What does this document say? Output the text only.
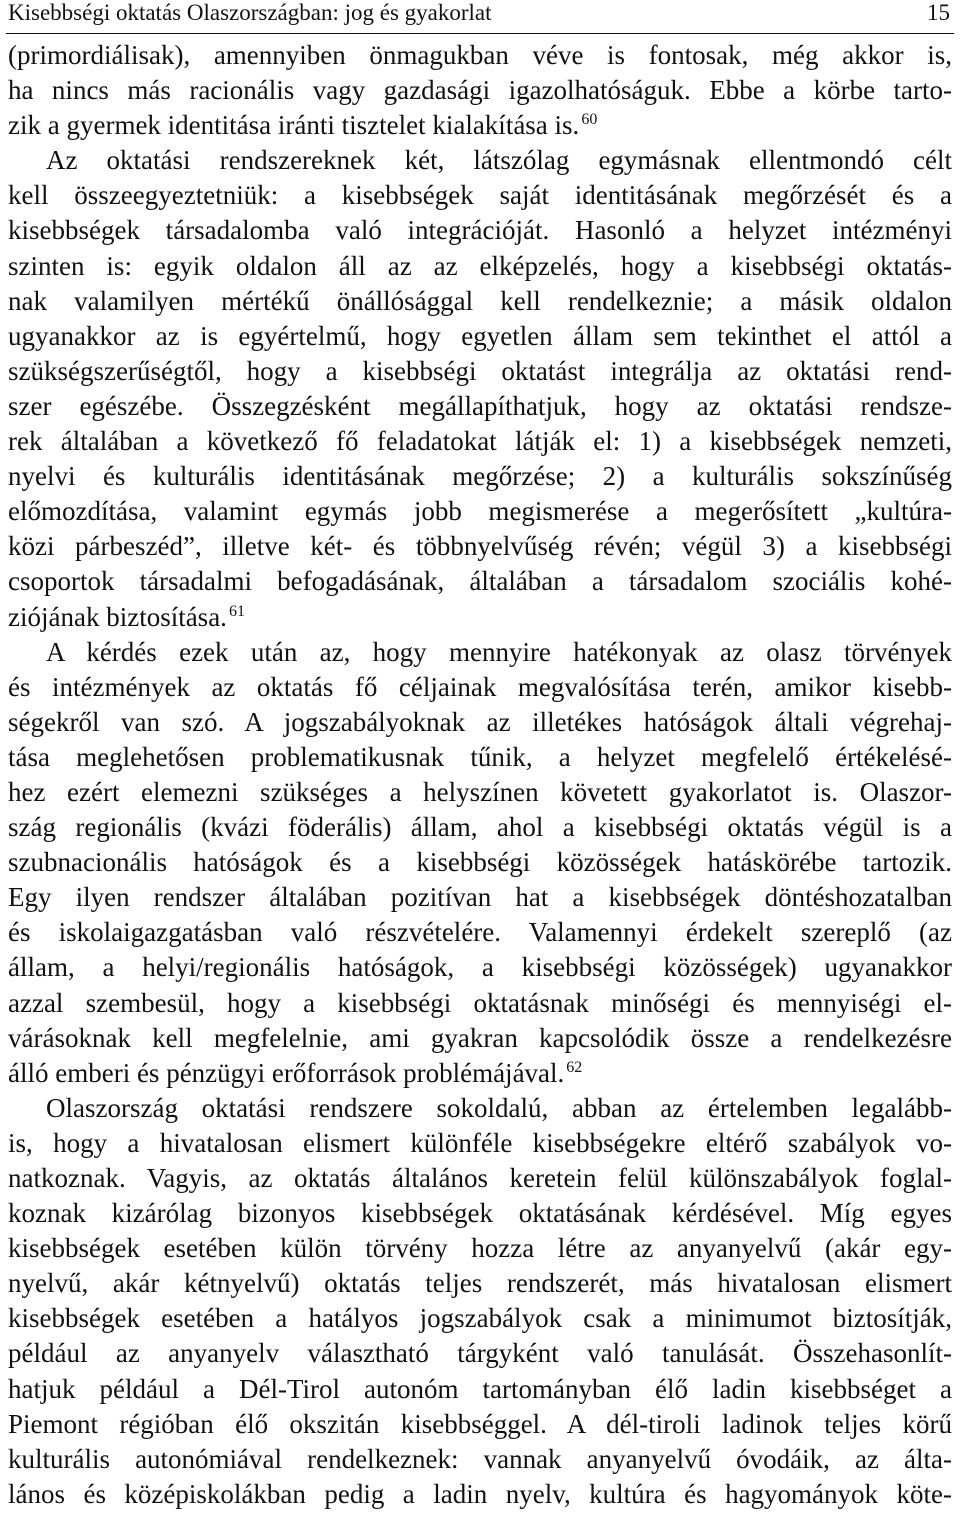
Kisebbségi oktatás Olaszországban: jog és gyakorlat	15
(primordiálisak), amennyiben önmagukban véve is fontosak, még akkor is,
ha nincs más racionális vagy gazdasági igazolhatóságuk. Ebbe a körbe tarto-
zik a gyermek identitása iránti tisztelet kialakítása is. $^{60}$
Az oktatási rendszereknek két, látszólag egymásnak ellentmondó célt
kell összeegyeztetniük: a kisebbségek saját identitásának megőrzését és a
kisebbségek társadalomba való integrációját. Hasonló a helyzet intézményi
szinten is: egyik oldalon áll az az elképzelés, hogy a kisebbségi oktatás-
nak valamilyen mértékű önállósággal kell rendelkeznie; a másik oldalon
ugyanakkor az is egyértelmű, hogy egyetlen állam sem tekinthet el attól a
szükségszerűségtől, hogy a kisebbségi oktatást integrálja az oktatási rend-
szer egészébe. Összegzésként megállapíthatjuk, hogy az oktatási rendsze-
rek általában a következő fő feladatokat látják el: 1) a kisebbségek nemzeti,
nyelvi és kulturális identitásának megőrzése; 2) a kulturális sokszínűség
előmozdítása, valamint egymás jobb megismerése a megerősített „kultúra-
közi párbeszéd”, illetve két- és többnyelvűség révén; végül 3) a kisebbségi
csoportok társadalmi befogadásának, általában a társadalom szociális kohé-
ziójának biztosítása. $^{61}$
A kérdés ezek után az, hogy mennyire hatékonyak az olasz törvények
és intézmények az oktatás fő céljainak megvalósítása terén, amikor kisebb-
ségekről van szó. A jogszabályoknak az illetékes hatóságok általi végrehaj-
tása meglehetősen problematikusnak tűnik, a helyzet megfelelő értékelésé-
hez ezért elemezni szükséges a helyszínen követett gyakorlatot is. Olaszor-
szág regionális (kvázi föderális) állam, ahol a kisebbségi oktatás végül is a
szubnacionális hatóságok és a kisebbségi közösségek hatáskörébe tartozik.
Egy ilyen rendszer általában pozitívan hat a kisebbségek döntéshozatalban
és iskolaigazgatásban való részvételére. Valamennyi érdekelt szereplő (az
állam, a helyi/regionális hatóságok, a kisebbségi közösségek) ugyanakkor
azzal szembesül, hogy a kisebbségi oktatásnak minőségi és mennyiségi el-
várásoknak kell megfelelnie, ami gyakran kapcsolódik össze a rendelkezésre
álló emberi és pénzügyi erőforrások problémájával. $^{62}$
Olaszország oktatási rendszere sokoldalú, abban az értelemben legalább-
is, hogy a hivatalosan elismert különféle kisebbségekre eltérő szabályok vo-
natkoznak. Vagyis, az oktatás általános keretein felül különszabályok foglal-
koznak kizárólag bizonyos kisebbségek oktatásának kérdésével. Míg egyes
kisebbségek esetében külön törvény hozza létre az anyanyelvű (akár egy-
nyelvű, akár kétnyelvű) oktatás teljes rendszerét, más hivatalosan elismert
kisebbségek esetében a hatályos jogszabályok csak a minimumot biztosítják,
például az anyanyelv választható tárgyként való tanulását. Összehasonlít-
hatjuk például a Dél-Tirol autonóm tartományban élő ladin kisebbséget a
Piemont régióban élő okszitán kisebbséggel. A dél-tiroli ladinok teljes körű
kulturális autonómiával rendelkeznek: vannak anyanyelvű óvodáik, az álta-
lános és középiskolákban pedig a ladin nyelv, kultúra és hagyományok köte-
